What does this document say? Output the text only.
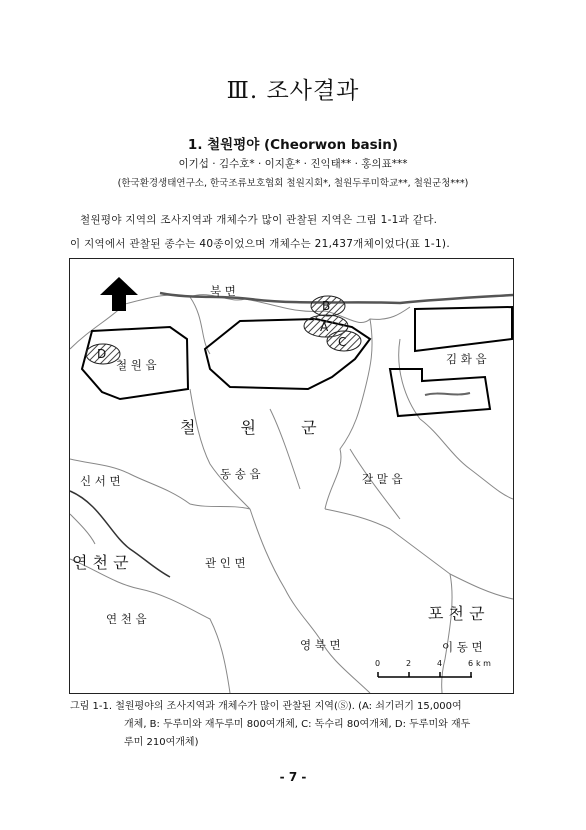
Ⅲ. 조사결과
1. 철원평야 (Cheorwon basin)
이기섭 · 김수호* · 이지훈* · 진익태** · 홍의표***
(한국환경생태연구소, 한국조류보호협회 철원지회*, 철원두루미학교**, 철원군청***)
철원평야 지역의 조사지역과 개체수가 많이 관찰된 지역은 그림 1-1과 같다.
이 지역에서 관찰된 종수는 40종이었으며 개체수는 21,437개체이었다(표 1-1).
B
A
C
D
북 면
철 원 읍	김 화 읍
철 원 군
동 송 읍	갈 말 읍
신 서 면
연 천 군	관 인 면
연 천 읍	포 천 군
영 북 면	이 동 면
0	2	4	6 k m
그림 1-1. 철원평야의 조사지역과 개체수가 많이 관찰된 지역(Ⓢ). (A: 쇠기러기 15,000여
개체, B: 두루미와 재두루미 800여개체, C: 독수리 80여개체, D: 두루미와 재두
루미 210여개체)
- 7 -
